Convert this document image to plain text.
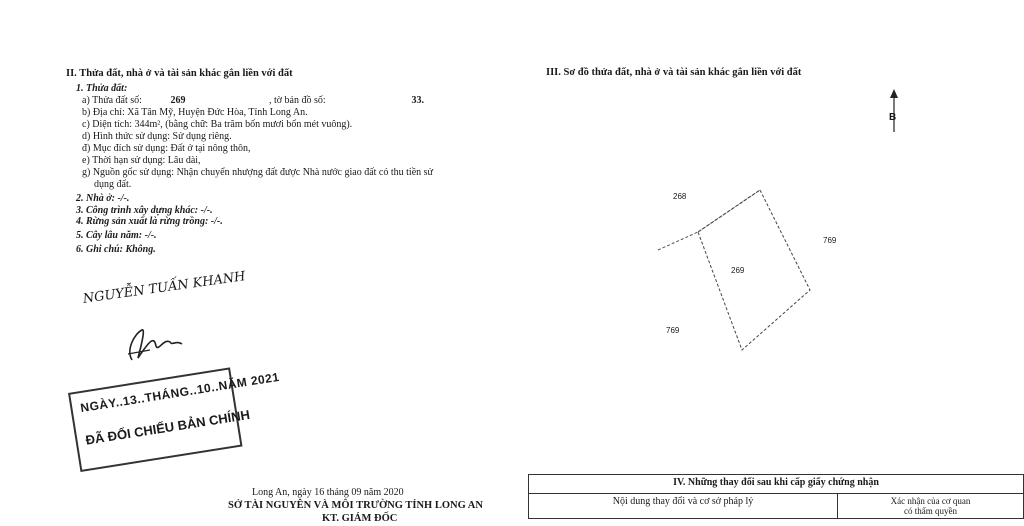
II. Thửa đất, nhà ở và tài sản khác gắn liền với đất
1. Thửa đất:
a) Thửa đất số:	269	, tờ bản đồ số:	33.
b) Địa chỉ: Xã Tân Mỹ, Huyện Đức Hòa, Tỉnh Long An.
c) Diện tích: 344m², (bằng chữ: Ba trăm bốn mươi bốn mét vuông).
d) Hình thức sử dụng: Sử dụng riêng.
đ) Mục đích sử dụng: Đất ở tại nông thôn,
e) Thời hạn sử dụng: Lâu dài,
g) Nguồn gốc sử dụng: Nhận chuyển nhượng đất được Nhà nước giao đất có thu tiền sử
dụng đất.
2. Nhà ở: -/-.
3. Công trình xây dựng khác: -/-.
4. Rừng sản xuất là rừng trồng: -/-.
5. Cây lâu năm: -/-.
6. Ghi chú: Không.
NGUYỄN TUẤN KHANH
NGÀY..13..THÁNG..10..NĂM 2021
ĐÃ ĐỐI CHIẾU BẢN CHÍNH
Long An, ngày 16 tháng 09 năm 2020
SỞ TÀI NGUYÊN VÀ MÔI TRƯỜNG TỈNH LONG AN
KT. GIÁM ĐỐC
III. Sơ đồ thửa đất, nhà ở và tài sản khác gắn liền với đất
B
268
769
269
769
IV. Những thay đổi sau khi cấp giấy chứng nhận
Nội dung thay đổi và cơ sở pháp lý	Xác nhận của cơ quan
có thẩm quyền
